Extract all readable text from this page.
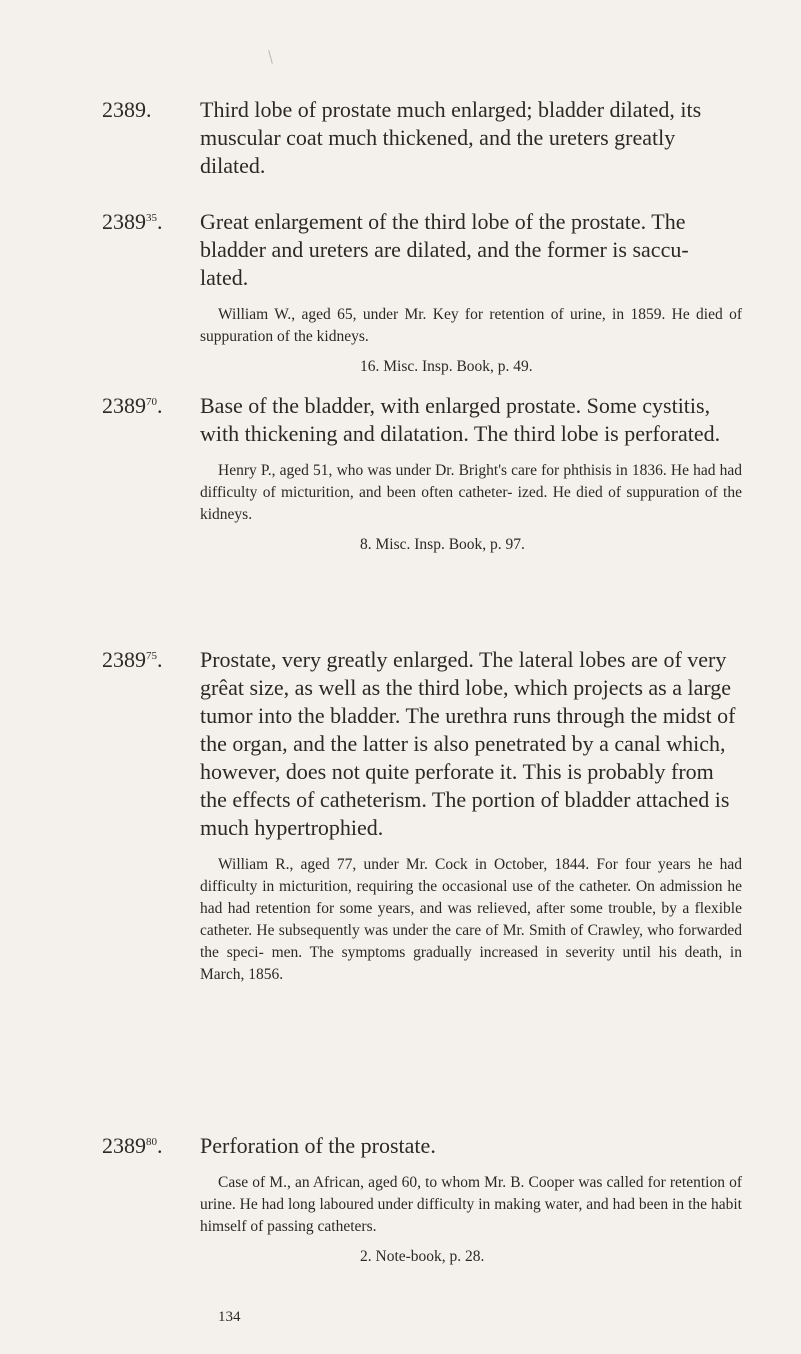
2389. Third lobe of prostate much enlarged; bladder dilated, its muscular coat much thickened, and the ureters greatly dilated.

2389$^{35}$. Great enlargement of the third lobe of the prostate. The bladder and ureters are dilated, and the former is saccu- lated.

William W., aged 65, under Mr. Key for retention of urine, in 1859. He died of suppuration of the kidneys.

16. Misc. Insp. Book, p. 49.

2389$^{70}$. Base of the bladder, with enlarged prostate. Some cystitis, with thickening and dilatation. The third lobe is perforated.

Henry P., aged 51, who was under Dr. Bright's care for phthisis in 1836. He had had difficulty of micturition, and been often catheter- ized. He died of suppuration of the kidneys.

8. Misc. Insp. Book, p. 97.

2389$^{75}$. Prostate, very greatly enlarged. The lateral lobes are of very grêat size, as well as the third lobe, which projects as a large tumor into the bladder. The urethra runs through the midst of the organ, and the latter is also penetrated by a canal which, however, does not quite perforate it. This is probably from the effects of catheterism. The portion of bladder attached is much hypertrophied.

William R., aged 77, under Mr. Cock in October, 1844. For four years he had difficulty in micturition, requiring the occasional use of the catheter. On admission he had had retention for some years, and was relieved, after some trouble, by a flexible catheter. He subsequently was under the care of Mr. Smith of Crawley, who forwarded the speci- men. The symptoms gradually increased in severity until his death, in March, 1856.

2389$^{80}$. Perforation of the prostate.

Case of M., an African, aged 60, to whom Mr. B. Cooper was called for retention of urine. He had long laboured under difficulty in making water, and had been in the habit himself of passing catheters.

2. Note-book, p. 28.

134
